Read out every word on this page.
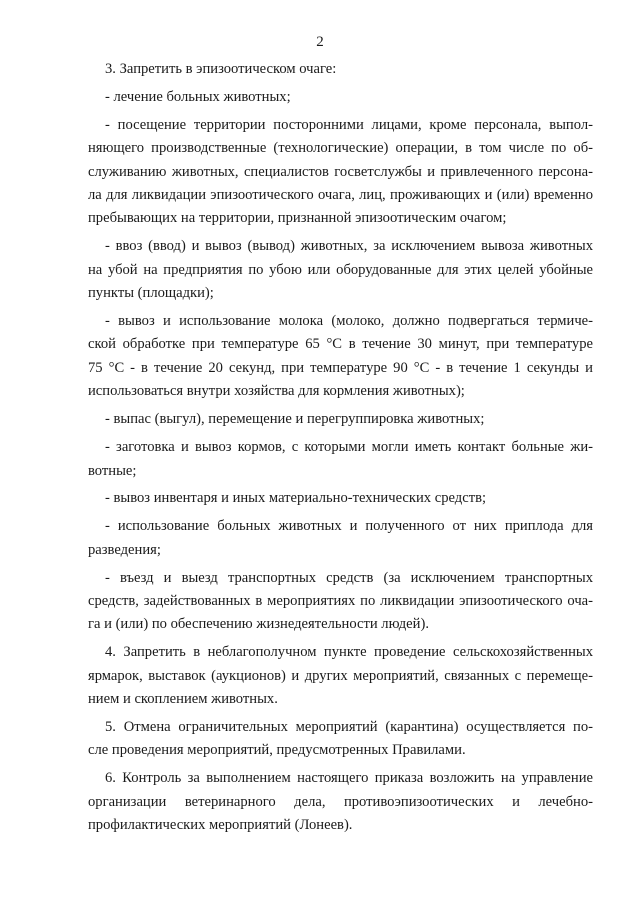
2

3. Запретить в эпизоотическом очаге:

- лечение больных животных;

- посещение территории посторонними лицами, кроме персонала, выпол-
няющего производственные (технологические) операции, в том числе по об-
служиванию животных, специалистов госветслужбы и привлеченного персона-
ла для ликвидации эпизоотического очага, лиц, проживающих и (или) временно
пребывающих на территории, признанной эпизоотическим очагом;

- ввоз (ввод) и вывоз (вывод) животных, за исключением вывоза животных
на убой на предприятия по убою или оборудованные для этих целей убойные
пункты (площадки);

- вывоз и использование молока (молоко, должно подвергаться термиче-
ской обработке при температуре 65 °С в течение 30 минут, при температуре
75 °С - в течение 20 секунд, при температуре 90 °С - в течение 1 секунды и
использоваться внутри хозяйства для кормления животных);

- выпас (выгул), перемещение и перегруппировка животных;

- заготовка и вывоз кормов, с которыми могли иметь контакт больные жи-
вотные;

- вывоз инвентаря и иных материально-технических средств;

- использование больных животных и полученного от них приплода для
разведения;

- въезд и выезд транспортных средств (за исключением транспортных
средств, задействованных в мероприятиях по ликвидации эпизоотического оча-
га и (или) по обеспечению жизнедеятельности людей).

4. Запретить в неблагополучном пункте проведение сельскохозяйственных
ярмарок, выставок (аукционов) и других мероприятий, связанных с перемеще-
нием и скоплением животных.

5. Отмена ограничительных мероприятий (карантина) осуществляется по-
сле проведения мероприятий, предусмотренных Правилами.

6. Контроль за выполнением настоящего приказа возложить на управление
организации ветеринарного дела, противоэпизоотических и лечебно-
профилактических мероприятий (Лонеев).
